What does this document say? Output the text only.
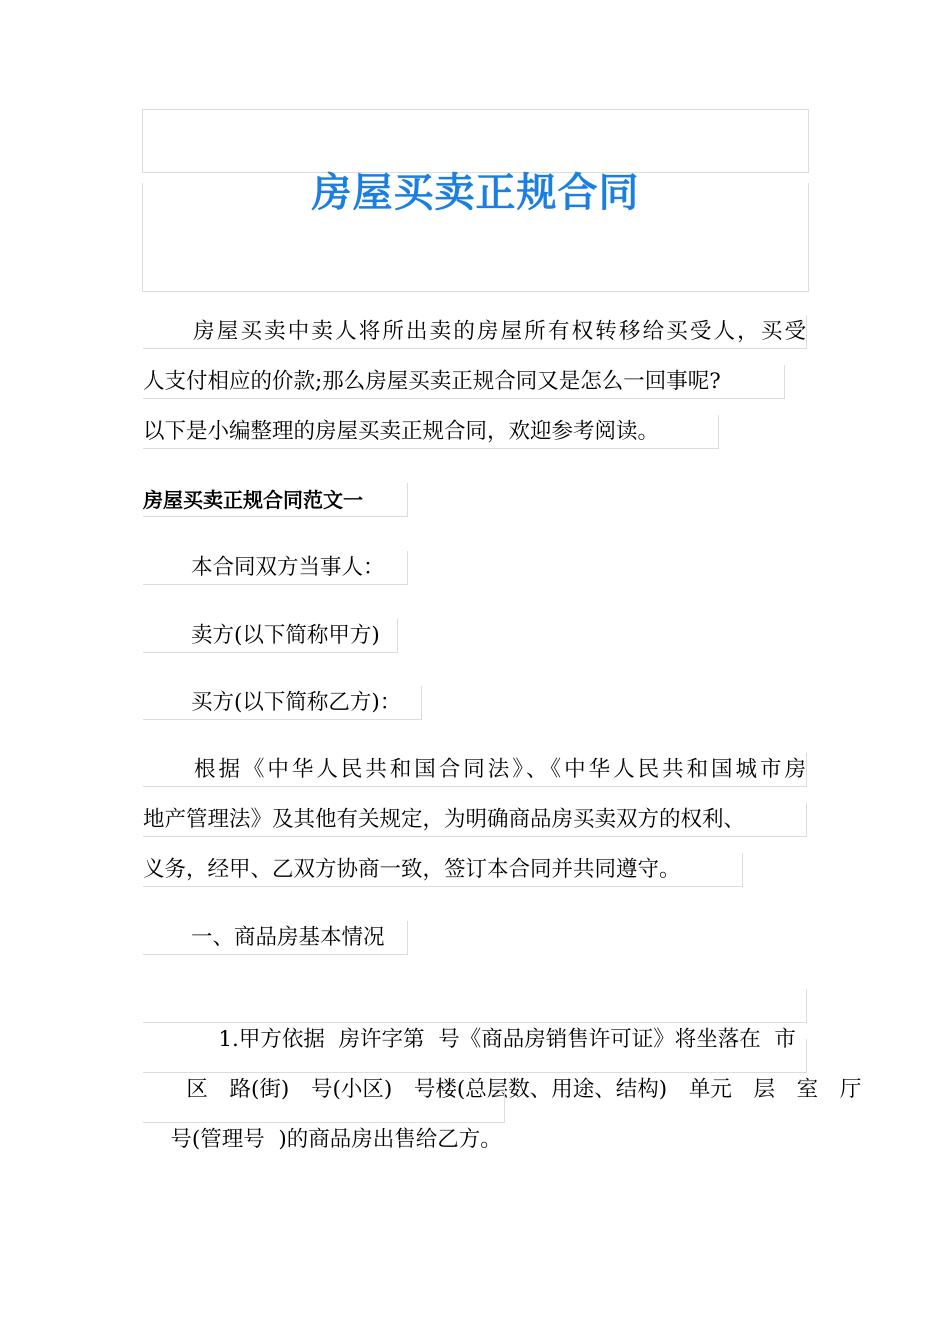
房屋买卖正规合同
房屋买卖中卖人将所出卖的房屋所有权转移给买受人，买受
人支付相应的价款;那么房屋买卖正规合同又是怎么一回事呢?
以下是小编整理的房屋买卖正规合同，欢迎参考阅读。
房屋买卖正规合同范文一
本合同双方当事人：
卖方(以下简称甲方)
买方(以下简称乙方)：
根据《中华人民共和国合同法》、《中华人民共和国城市房
地产管理法》及其他有关规定，为明确商品房买卖双方的权利、
义务，经甲、乙双方协商一致，签订本合同并共同遵守。
一、商品房基本情况

1.甲方依据  房许字第  号《商品房销售许可证》将坐落在  市

区  路(街)  号(小区)  号楼(总层数、用途、结构)  单元  层  室  厅

号(管理号  )的商品房出售给乙方。
